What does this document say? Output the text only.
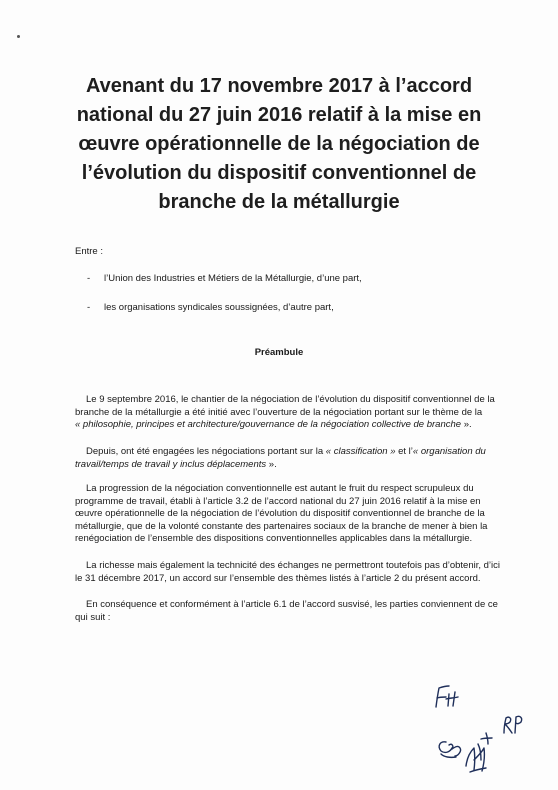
Avenant du 17 novembre 2017 à l’accord
national du 27 juin 2016 relatif à la mise en
œuvre opérationnelle de la négociation de
l’évolution du dispositif conventionnel de
branche de la métallurgie

Entre :

- l’Union des Industries et Métiers de la Métallurgie, d’une part,

- les organisations syndicales soussignées, d’autre part,

Préambule

Le 9 septembre 2016, le chantier de la négociation de l’évolution du dispositif conventionnel de la
branche de la métallurgie a été initié avec l’ouverture de la négociation portant sur le thème de la
« philosophie, principes et architecture/gouvernance de la négociation collective de branche ».

Depuis, ont été engagées les négociations portant sur la « classification » et l’« organisation du
travail/temps de travail y inclus déplacements ».

La progression de la négociation conventionnelle est autant le fruit du respect scrupuleux du
programme de travail, établi à l’article 3.2 de l’accord national du 27 juin 2016 relatif à la mise en
œuvre opérationnelle de la négociation de l’évolution du dispositif conventionnel de branche de la
métallurgie, que de la volonté constante des partenaires sociaux de la branche de mener à bien la
renégociation de l’ensemble des dispositions conventionnelles applicables dans la métallurgie.

La richesse mais également la technicité des échanges ne permettront toutefois pas d’obtenir, d’ici
le 31 décembre 2017, un accord sur l’ensemble des thèmes listés à l’article 2 du présent accord.

En conséquence et conformément à l’article 6.1 de l’accord susvisé, les parties conviennent de ce
qui suit :
